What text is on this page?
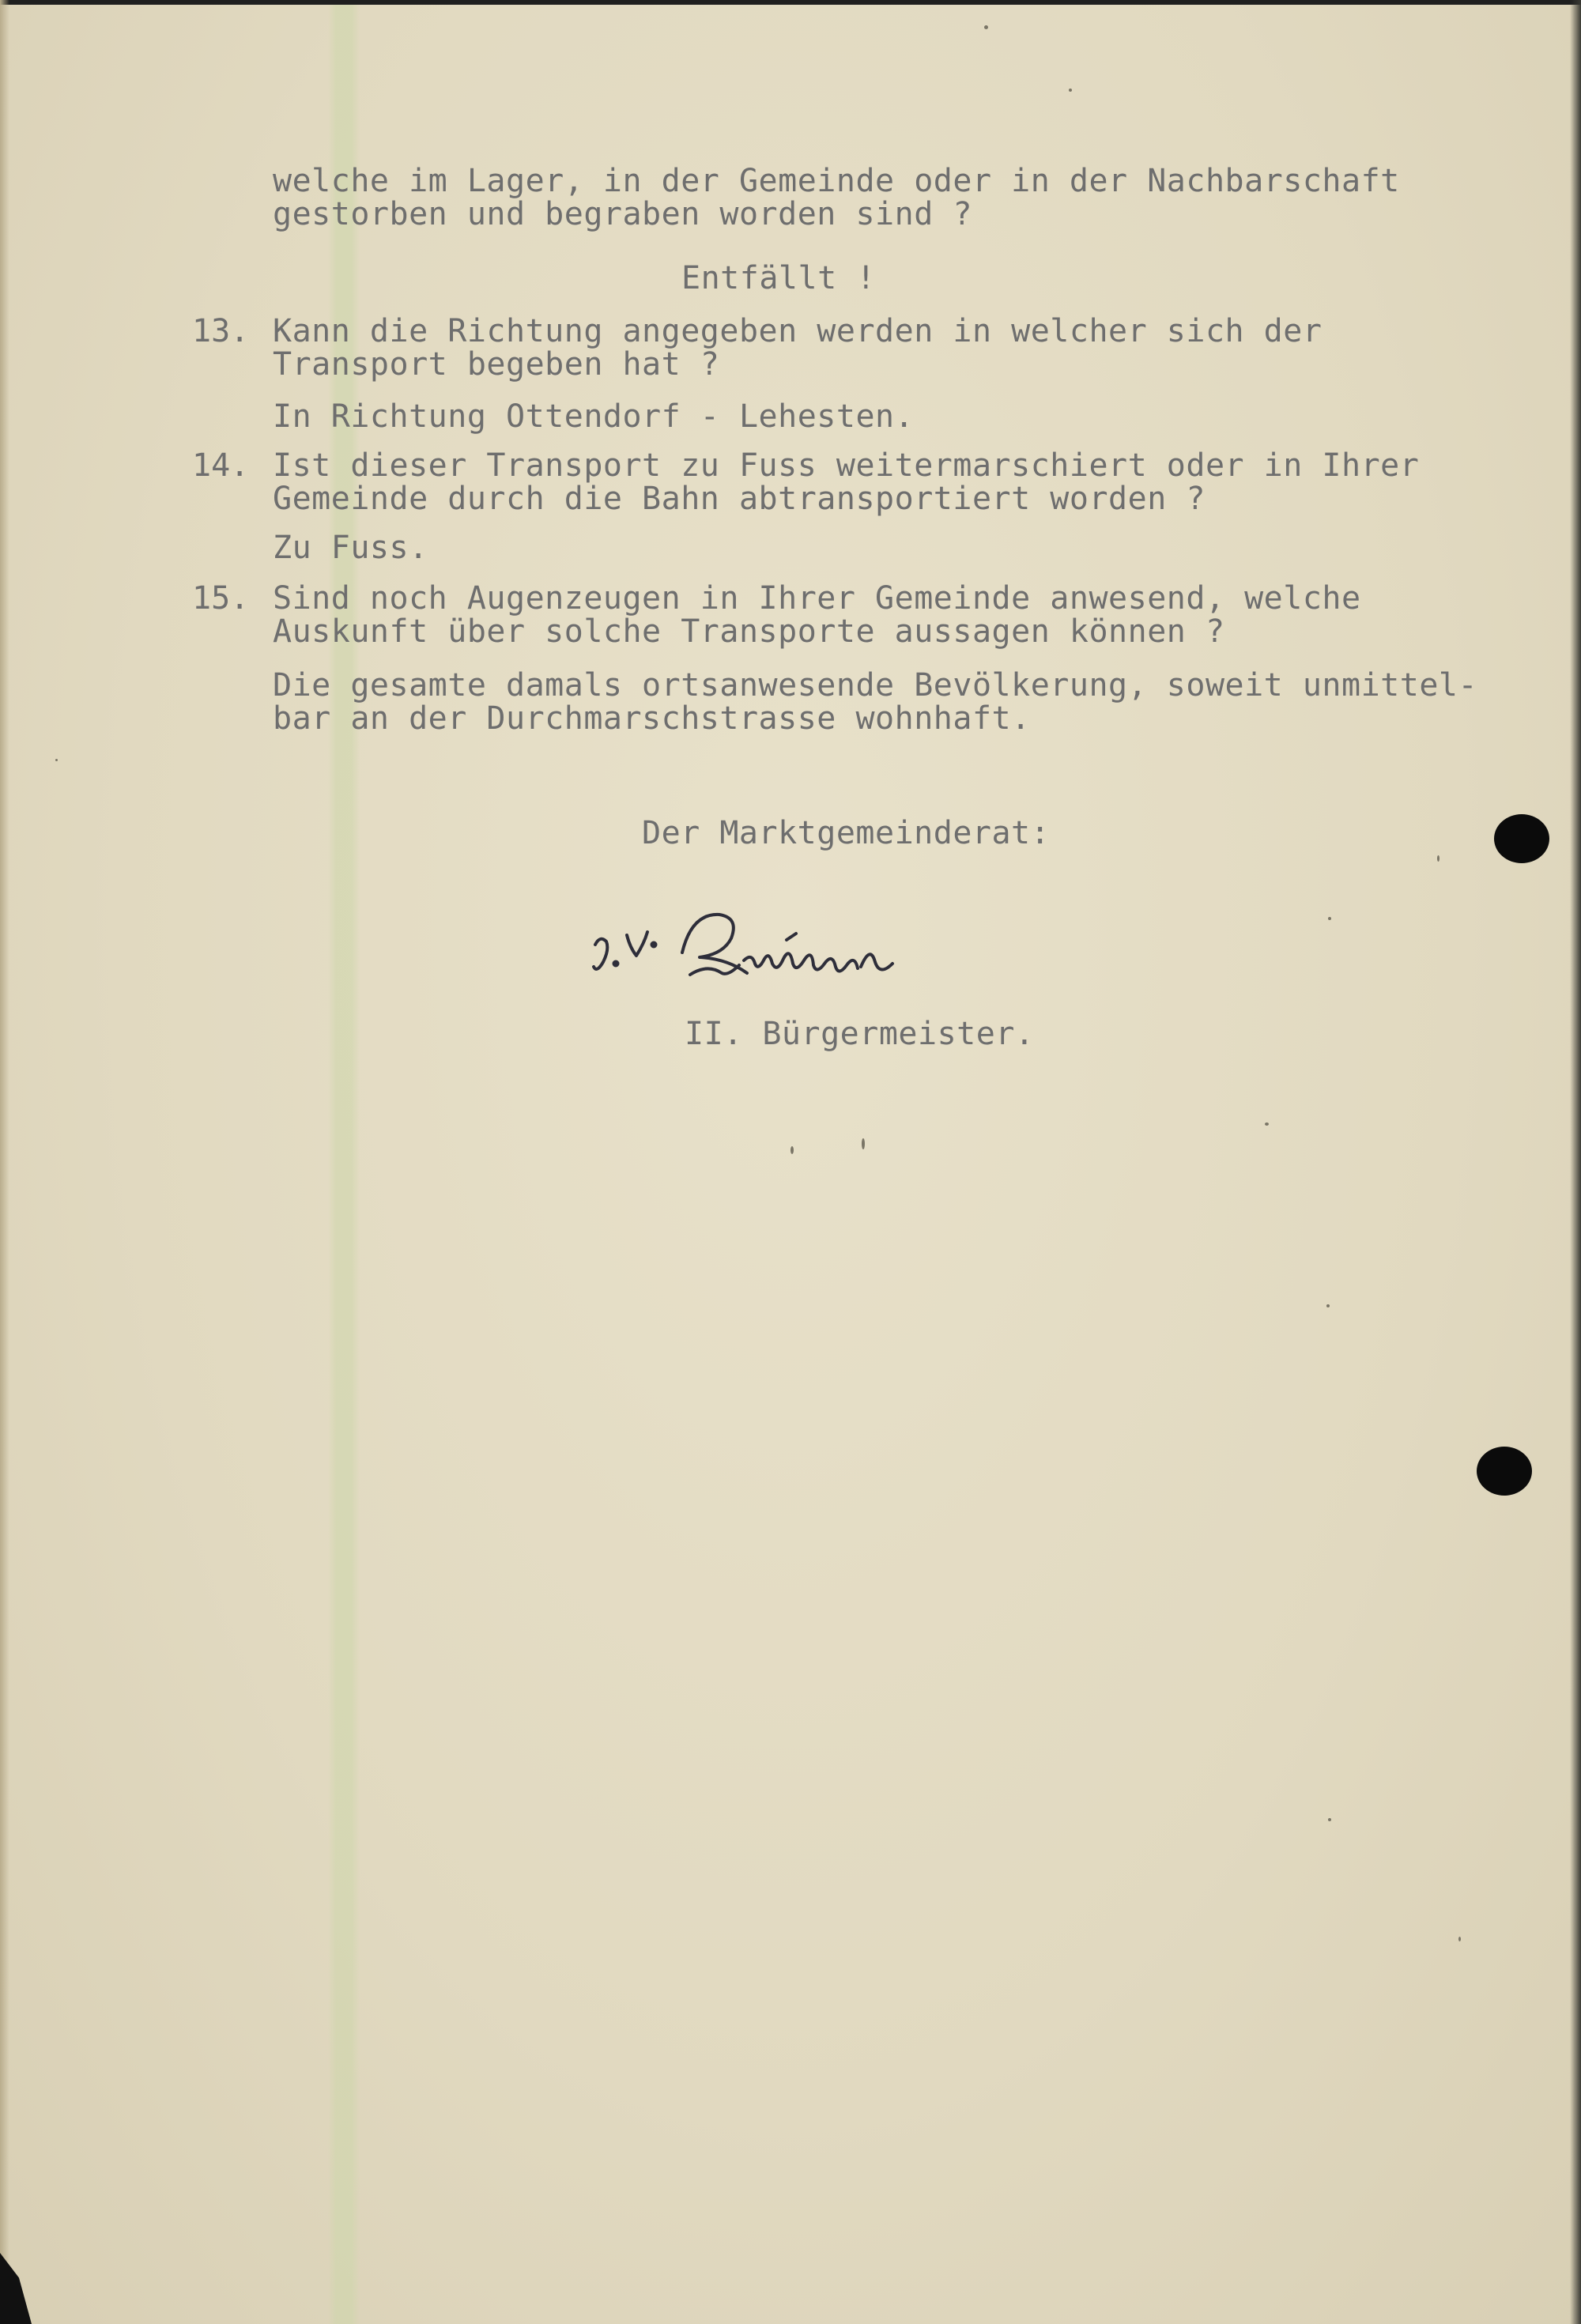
welche im Lager, in der Gemeinde oder in der Nachbarschaft
gestorben und begraben worden sind ?
Entfällt !
13. Kann die Richtung angegeben werden in welcher sich der
Transport begeben hat ?
In Richtung Ottendorf - Lehesten.
14. Ist dieser Transport zu Fuss weitermarschiert oder in Ihrer
Gemeinde durch die Bahn abtransportiert worden ?
Zu Fuss.
15. Sind noch Augenzeugen in Ihrer Gemeinde anwesend, welche
Auskunft über solche Transporte aussagen können ?
Die gesamte damals ortsanwesende Bevölkerung, soweit unmittel-
bar an der Durchmarschstrasse wohnhaft.
Der Marktgemeinderat:
II. Bürgermeister.
